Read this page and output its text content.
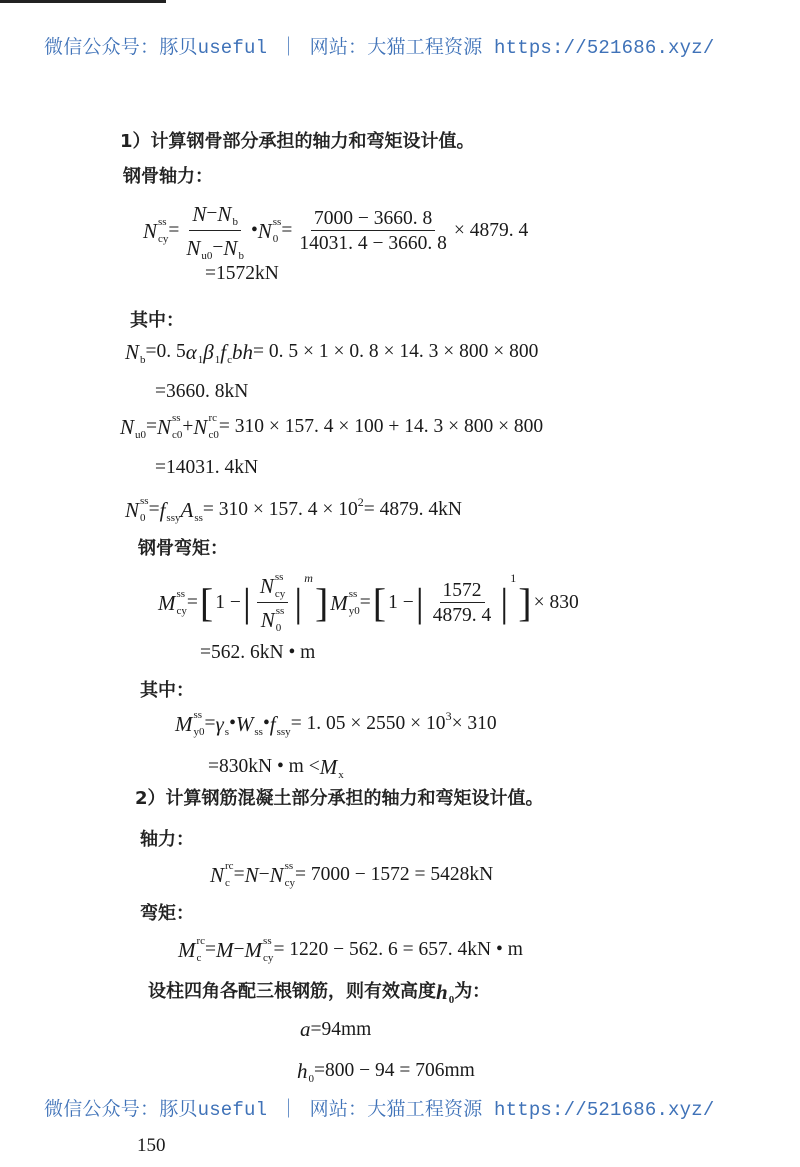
微信公众号：豚贝useful ｜ 网站：大猫工程资源 https://521686.xyz/
1）计算钢骨部分承担的轴力和弯矩设计值。
钢骨轴力：
N ss
cy = N − N
b
N
u0 − N
b • N ss
$0 = \frac{7000 - 3660. 8}{14031. 4 - 3660. 8} \times 4879$. 4
=1572kN
其中：
N
b =0. 5 α
1 β
1 f
c bh = 0. 5 × 1 × 0. 8 × 14. 3 × 800 × 800
=3660. 8kN
N
u0 = N ss
c0 + N rc
c0 = 310 × 157. 4 × 100 + 14. 3 × 800 × 800
=14031. 4kN
N ss
0 = f
ssy A
ss = 310 × 157. $4 \times 10^2 = 4879$. 4kN
钢骨弯矩：
M ss
cy = [ 1 − | N ss
cy
N ss
0 |
$^m$
] M ss
y0 = [ 1 − | $\frac{1572}{4879. 4}$ |
$^1$
] × 830
=562. 6kN • m
其中：
M ss
y0 = γ
s • W
ss • f
ssy = 1. $05 \times 2550 \times 10^3 \times 310$
=830kN • m < M
x
2）计算钢筋混凝土部分承担的轴力和弯矩设计值。
轴力：
N rc
c = N − N ss
cy = 7000 − 1572 = 5428kN
弯矩：
M rc
c = M − M ss
cy = 1220 − 562. 6 = 657. 4kN • m
设柱四角各配三根钢筋，则有效高度 h
0 为：
a =94mm
h
0 =800 − 94 = 706mm
微信公众号：豚贝useful ｜ 网站：大猫工程资源 https://521686.xyz/
150
